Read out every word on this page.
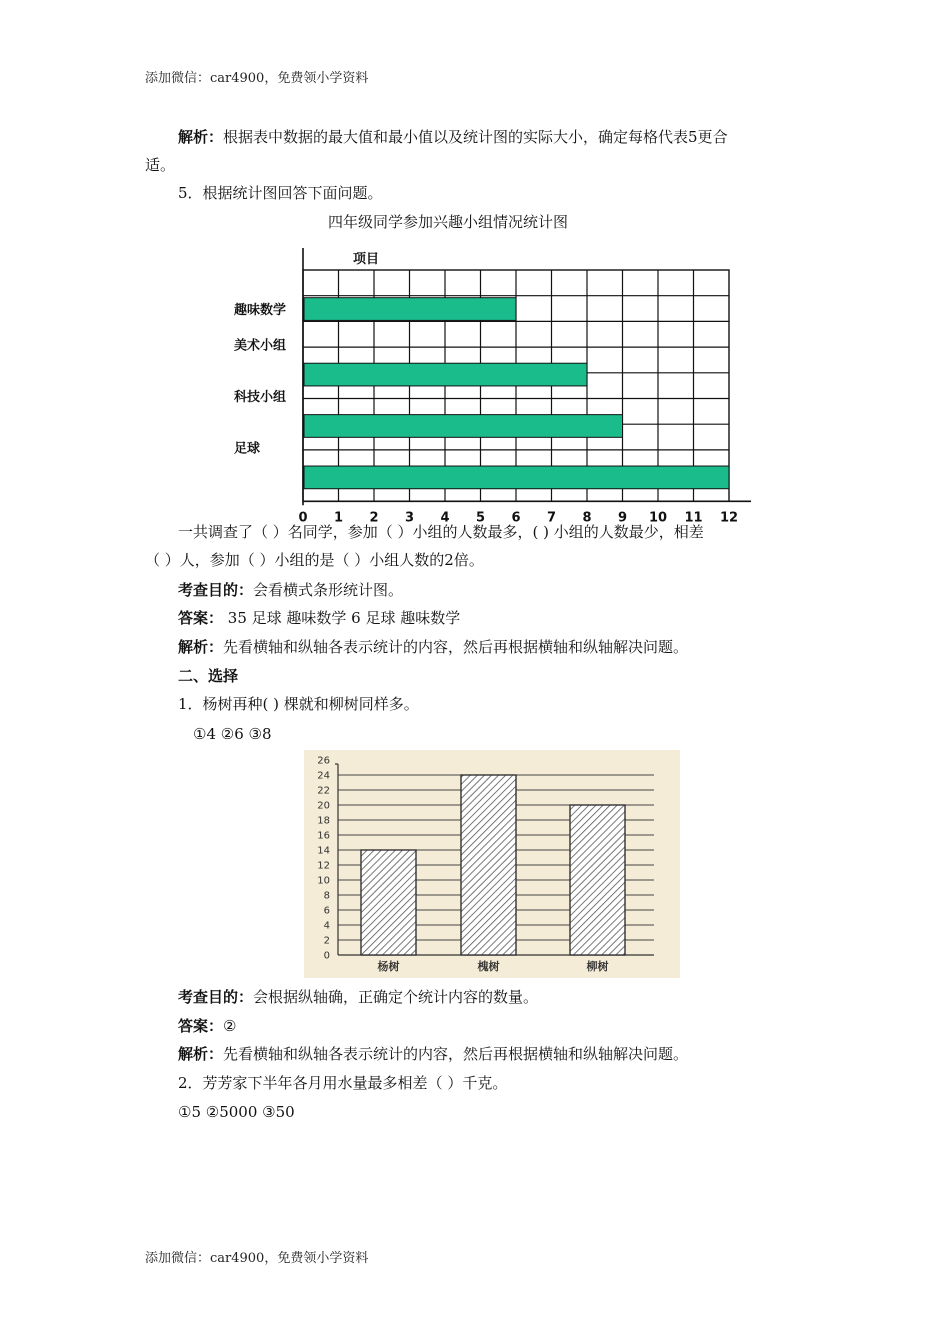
添加微信：car4900，免费领小学资料
解析：根据表中数据的最大值和最小值以及统计图的实际大小，确定每格代表5更合
适。
5．根据统计图回答下面问题。
四年级同学参加兴趣小组情况统计图
项目
趣味数学
美术小组
科技小组
足球
0 1 2 3 4 5 6 7 8 9 10 11 12
一共调查了（ ）名同学，参加（ ）小组的人数最多，( ) 小组的人数最少，相差
（ ）人，参加（ ）小组的是（ ）小组人数的2倍。
考查目的：会看横式条形统计图。
答案： 35 足球 趣味数学 6 足球 趣味数学
解析：先看横轴和纵轴各表示统计的内容，然后再根据横轴和纵轴解决问题。
二、选择
1．杨树再种( ) 棵就和柳树同样多。
①4 ②6 ③8
0
2
4
6
8
10
12
14
16
18
20
22
24
26
杨树	槐树	柳树
考查目的：会根据纵轴确，正确定个统计内容的数量。
答案：②
解析：先看横轴和纵轴各表示统计的内容，然后再根据横轴和纵轴解决问题。
2．芳芳家下半年各月用水量最多相差（ ）千克。
①5 ②5000 ③50
添加微信：car4900，免费领小学资料
